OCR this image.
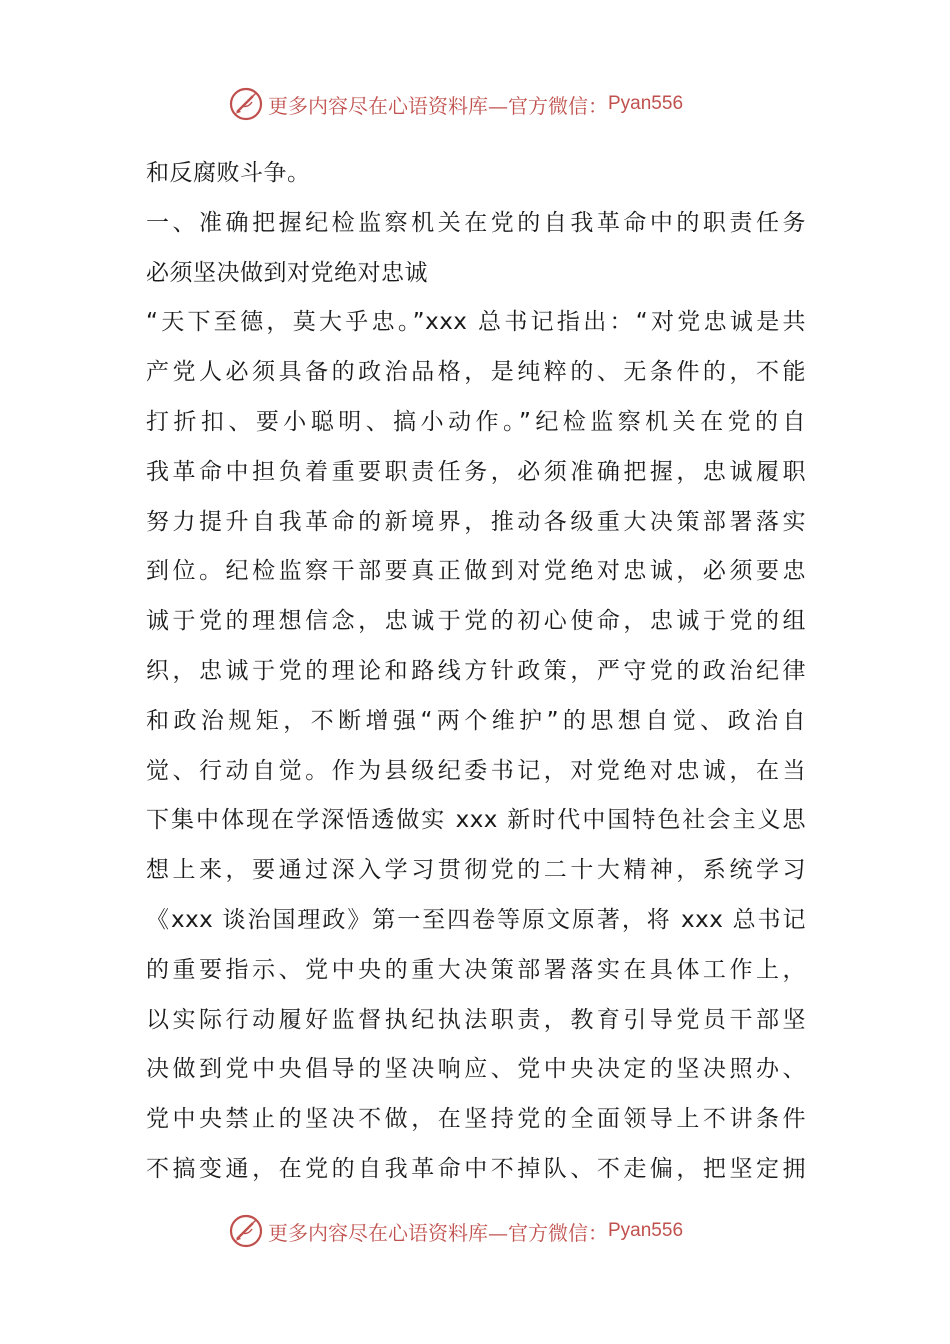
更多内容尽在心语资料库—官方微信： Pyan556
和反腐败斗争。
一、准确把握纪检监察机关在党的自我革命中的职责任务
必须坚决做到对党绝对忠诚
“天下至德，莫大乎忠。”xxx 总书记指出：“对党忠诚是共
产党人必须具备的政治品格，是纯粹的、无条件的，不能
打折扣、要小聪明、搞小动作。”纪检监察机关在党的自
我革命中担负着重要职责任务，必须准确把握，忠诚履职
努力提升自我革命的新境界，推动各级重大决策部署落实
到位。纪检监察干部要真正做到对党绝对忠诚，必须要忠
诚于党的理想信念，忠诚于党的初心使命，忠诚于党的组
织，忠诚于党的理论和路线方针政策，严守党的政治纪律
和政治规矩，不断增强“两个维护”的思想自觉、政治自
觉、行动自觉。作为县级纪委书记，对党绝对忠诚，在当
下集中体现在学深悟透做实 xxx 新时代中国特色社会主义思
想上来，要通过深入学习贯彻党的二十大精神，系统学习
《xxx 谈治国理政》第一至四卷等原文原著，将 xxx 总书记
的重要指示、党中央的重大决策部署落实在具体工作上，
以实际行动履好监督执纪执法职责，教育引导党员干部坚
决做到党中央倡导的坚决响应、党中央决定的坚决照办、
党中央禁止的坚决不做，在坚持党的全面领导上不讲条件
不搞变通，在党的自我革命中不掉队、不走偏，把坚定拥
更多内容尽在心语资料库—官方微信： Pyan556
